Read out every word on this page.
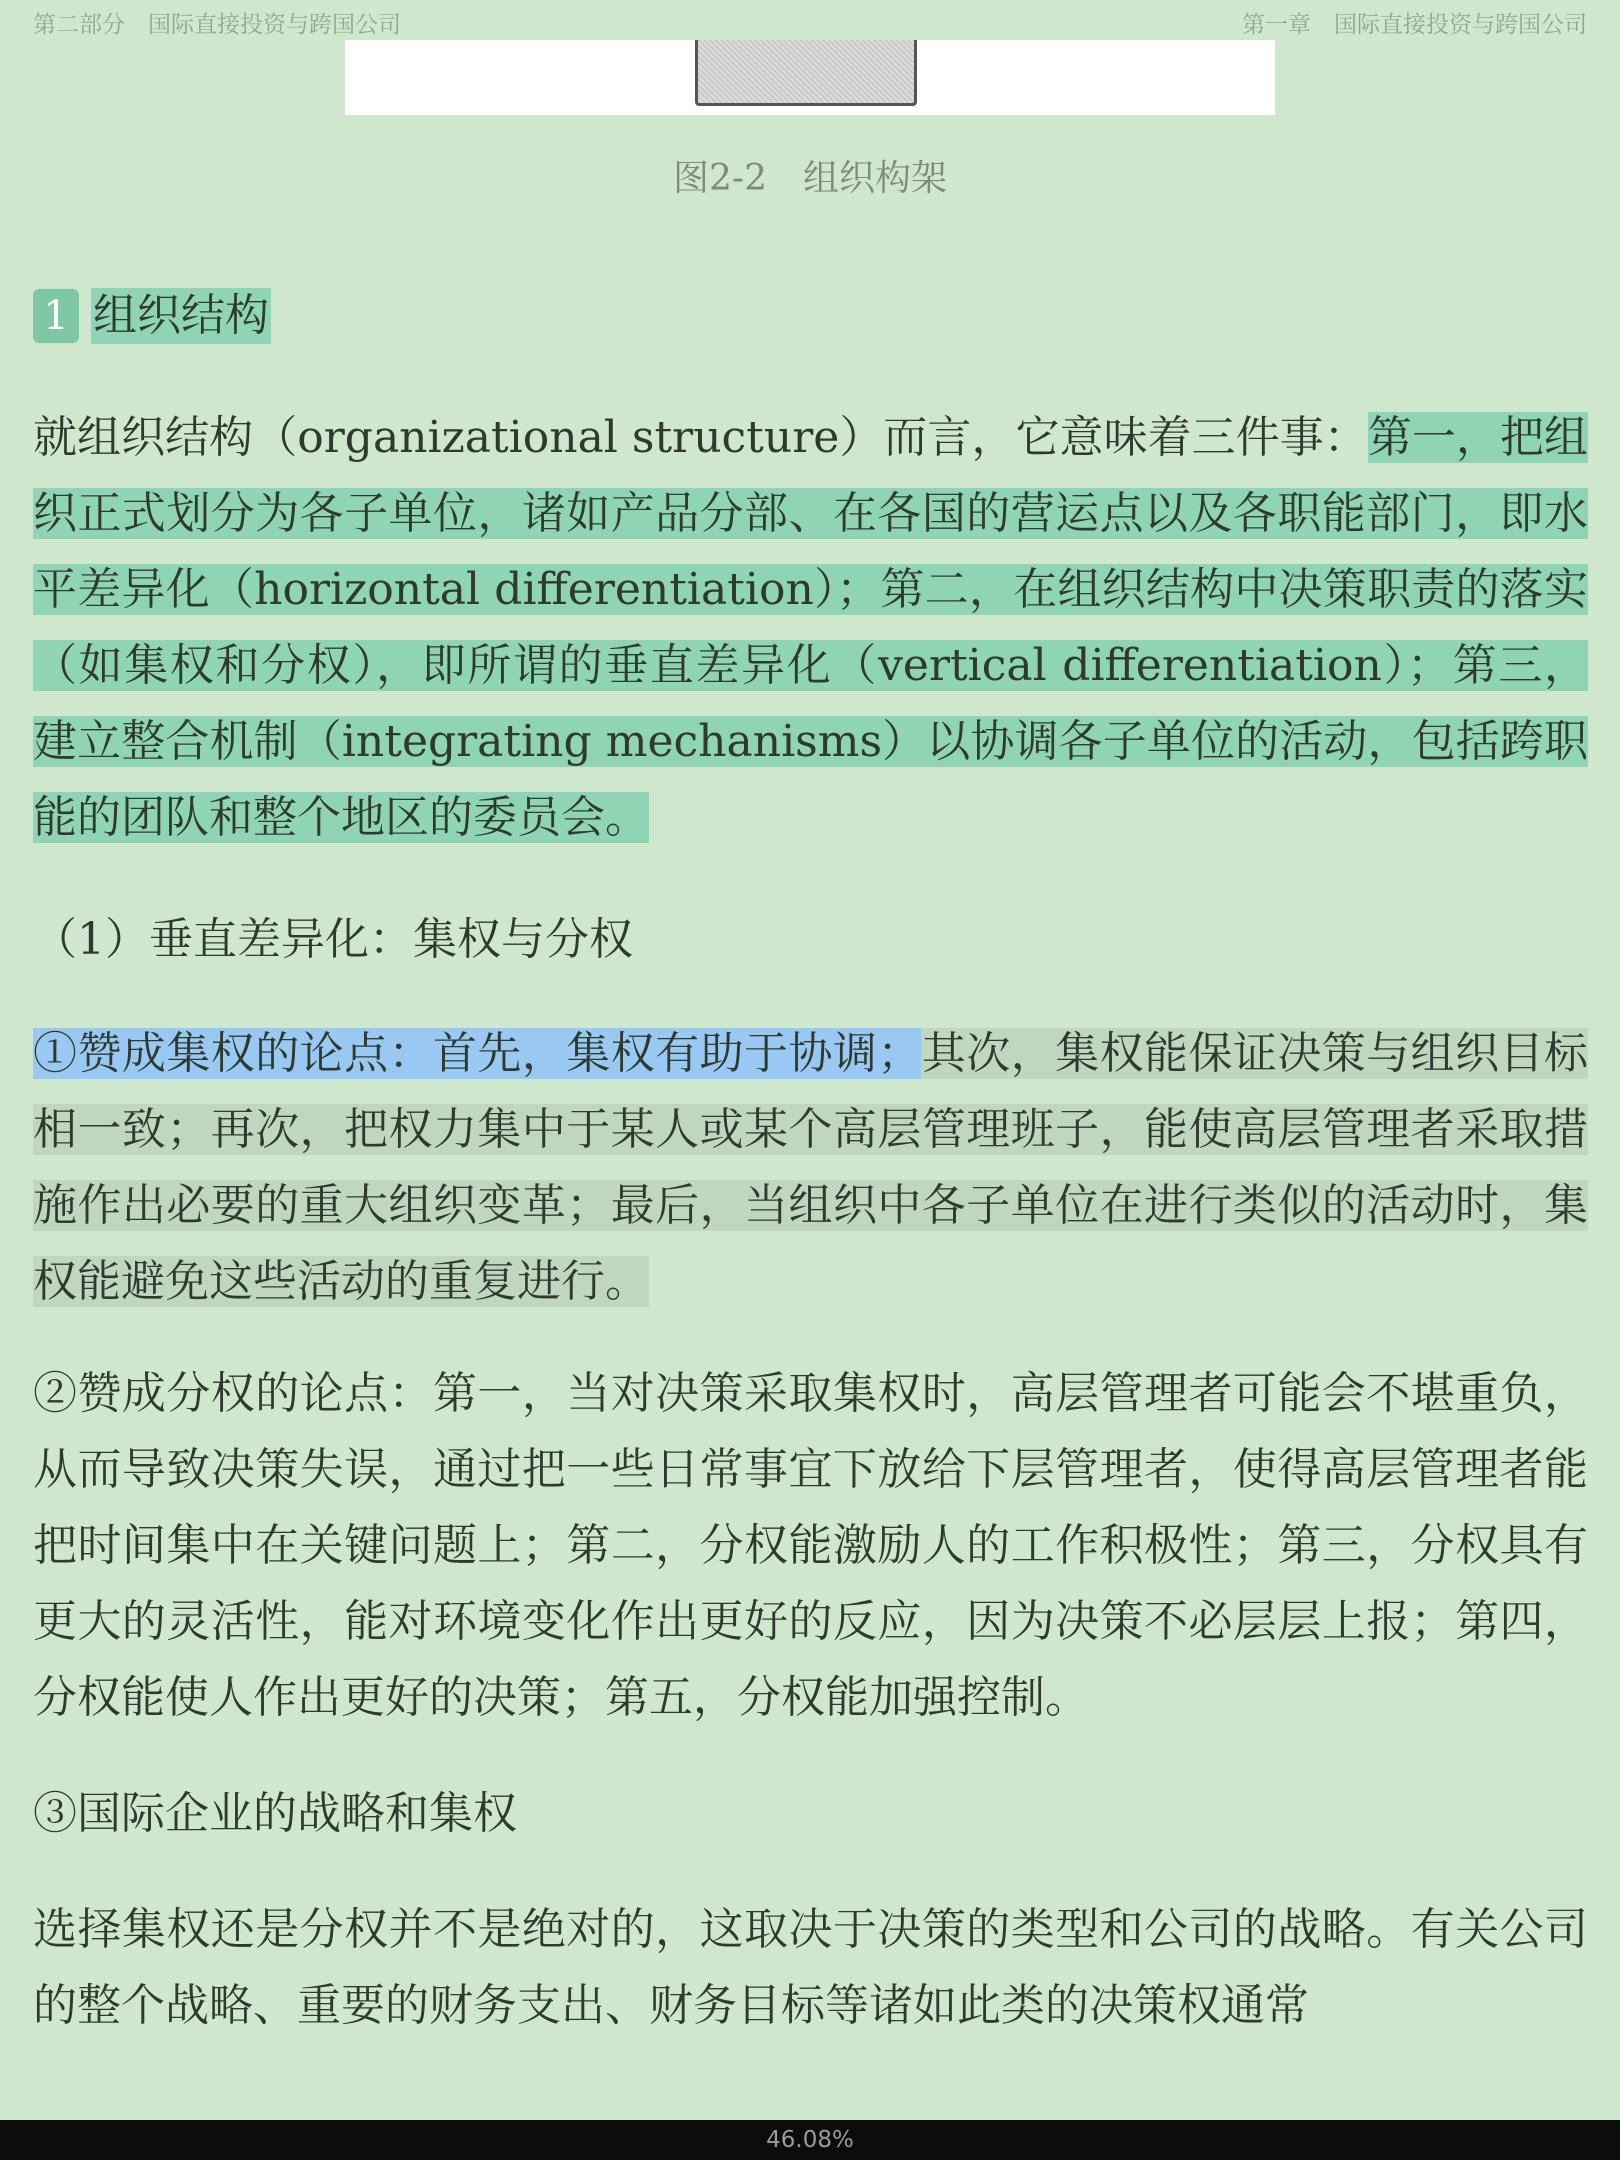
第二部分　国际直接投资与跨国公司	第一章　国际直接投资与跨国公司
图2-2　组织构架
1 组织结构

就组织结构（organizational structure）而言，它意味着三件事：第一，把组织正式划分为各子单位，诸如产品分部、在各国的营运点以及各职能部门，即水平差异化（horizontal differentiation）；第二，在组织结构中决策职责的落实（如集权和分权），即所谓的垂直差异化（vertical differentiation）；第三，建立整合机制（integrating mechanisms）以协调各子单位的活动，包括跨职能的团队和整个地区的委员会。

（1）垂直差异化：集权与分权

①赞成集权的论点：首先，集权有助于协调；其次，集权能保证决策与组织目标相一致；再次，把权力集中于某人或某个高层管理班子，能使高层管理者采取措施作出必要的重大组织变革；最后，当组织中各子单位在进行类似的活动时，集权能避免这些活动的重复进行。

②赞成分权的论点：第一，当对决策采取集权时，高层管理者可能会不堪重负，从而导致决策失误，通过把一些日常事宜下放给下层管理者，使得高层管理者能把时间集中在关键问题上；第二，分权能激励人的工作积极性；第三，分权具有更大的灵活性，能对环境变化作出更好的反应，因为决策不必层层上报；第四，分权能使人作出更好的决策；第五，分权能加强控制。

③国际企业的战略和集权

选择集权还是分权并不是绝对的，这取决于决策的类型和公司的战略。有关公司的整个战略、重要的财务支出、财务目标等诸如此类的决策权通常

46.08%
